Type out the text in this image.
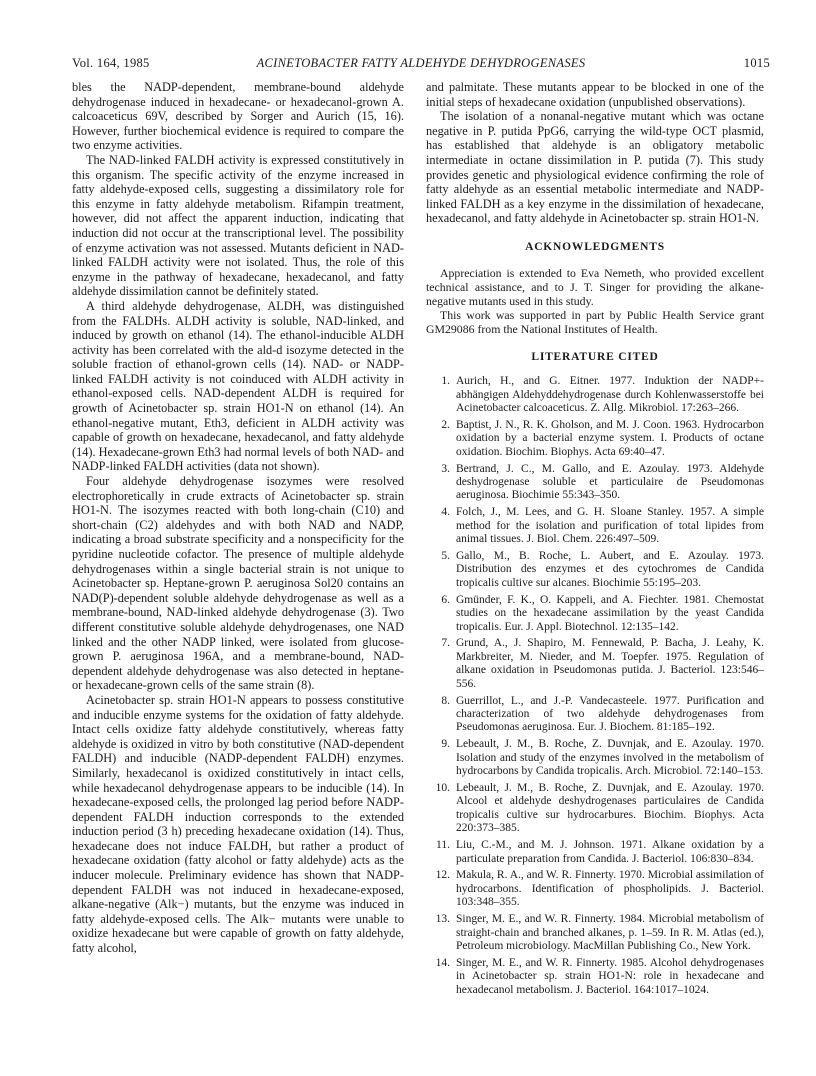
Vol. 164, 1985	ACINETOBACTER FATTY ALDEHYDE DEHYDROGENASES	1015

bles the NADP-dependent, membrane-bound aldehyde dehydrogenase induced in hexadecane- or hexadecanol-grown A. calcoaceticus 69V, described by Sorger and Aurich (15, 16). However, further biochemical evidence is required to compare the two enzyme activities.

The NAD-linked FALDH activity is expressed constitutively in this organism. The specific activity of the enzyme increased in fatty aldehyde-exposed cells, suggesting a dissimilatory role for this enzyme in fatty aldehyde metabolism. Rifampin treatment, however, did not affect the apparent induction, indicating that induction did not occur at the transcriptional level. The possibility of enzyme activation was not assessed. Mutants deficient in NAD-linked FALDH activity were not isolated. Thus, the role of this enzyme in the pathway of hexadecane, hexadecanol, and fatty aldehyde dissimilation cannot be definitely stated.

A third aldehyde dehydrogenase, ALDH, was distinguished from the FALDHs. ALDH activity is soluble, NAD-linked, and induced by growth on ethanol (14). The ethanol-inducible ALDH activity has been correlated with the ald-d isozyme detected in the soluble fraction of ethanol-grown cells (14). NAD- or NADP-linked FALDH activity is not coinduced with ALDH activity in ethanol-exposed cells. NAD-dependent ALDH is required for growth of Acinetobacter sp. strain HO1-N on ethanol (14). An ethanol-negative mutant, Eth3, deficient in ALDH activity was capable of growth on hexadecane, hexadecanol, and fatty aldehyde (14). Hexadecane-grown Eth3 had normal levels of both NAD- and NADP-linked FALDH activities (data not shown).

Four aldehyde dehydrogenase isozymes were resolved electrophoretically in crude extracts of Acinetobacter sp. strain HO1-N. The isozymes reacted with both long-chain (C10) and short-chain (C2) aldehydes and with both NAD and NADP, indicating a broad substrate specificity and a nonspecificity for the pyridine nucleotide cofactor. The presence of multiple aldehyde dehydrogenases within a single bacterial strain is not unique to Acinetobacter sp. Heptane-grown P. aeruginosa Sol20 contains an NAD(P)-dependent soluble aldehyde dehydrogenase as well as a membrane-bound, NAD-linked aldehyde dehydrogenase (3). Two different constitutive soluble aldehyde dehydrogenases, one NAD linked and the other NADP linked, were isolated from glucose-grown P. aeruginosa 196A, and a membrane-bound, NAD-dependent aldehyde dehydrogenase was also detected in heptane- or hexadecane-grown cells of the same strain (8).

Acinetobacter sp. strain HO1-N appears to possess constitutive and inducible enzyme systems for the oxidation of fatty aldehyde. Intact cells oxidize fatty aldehyde constitutively, whereas fatty aldehyde is oxidized in vitro by both constitutive (NAD-dependent FALDH) and inducible (NADP-dependent FALDH) enzymes. Similarly, hexadecanol is oxidized constitutively in intact cells, while hexadecanol dehydrogenase appears to be inducible (14). In hexadecane-exposed cells, the prolonged lag period before NADP-dependent FALDH induction corresponds to the extended induction period (3 h) preceding hexadecane oxidation (14). Thus, hexadecane does not induce FALDH, but rather a product of hexadecane oxidation (fatty alcohol or fatty aldehyde) acts as the inducer molecule. Preliminary evidence has shown that NADP-dependent FALDH was not induced in hexadecane-exposed, alkane-negative (Alk−) mutants, but the enzyme was induced in fatty aldehyde-exposed cells. The Alk− mutants were unable to oxidize hexadecane but were capable of growth on fatty aldehyde, fatty alcohol,

and palmitate. These mutants appear to be blocked in one of the initial steps of hexadecane oxidation (unpublished observations).

The isolation of a nonanal-negative mutant which was octane negative in P. putida PpG6, carrying the wild-type OCT plasmid, has established that aldehyde is an obligatory metabolic intermediate in octane dissimilation in P. putida (7). This study provides genetic and physiological evidence confirming the role of fatty aldehyde as an essential metabolic intermediate and NADP-linked FALDH as a key enzyme in the dissimilation of hexadecane, hexadecanol, and fatty aldehyde in Acinetobacter sp. strain HO1-N.

ACKNOWLEDGMENTS

Appreciation is extended to Eva Nemeth, who provided excellent technical assistance, and to J. T. Singer for providing the alkane-negative mutants used in this study.

This work was supported in part by Public Health Service grant GM29086 from the National Institutes of Health.

LITERATURE CITED
1. Aurich, H., and G. Eitner. 1977. Induktion der NADP+-abhängigen Aldehyddehydrogenase durch Kohlenwasserstoffe bei Acinetobacter calcoaceticus. Z. Allg. Mikrobiol. 17:263–266.
2. Baptist, J. N., R. K. Gholson, and M. J. Coon. 1963. Hydrocarbon oxidation by a bacterial enzyme system. I. Products of octane oxidation. Biochim. Biophys. Acta 69:40–47.
3. Bertrand, J. C., M. Gallo, and E. Azoulay. 1973. Aldehyde deshydrogenase soluble et particulaire de Pseudomonas aeruginosa. Biochimie 55:343–350.
4. Folch, J., M. Lees, and G. H. Sloane Stanley. 1957. A simple method for the isolation and purification of total lipides from animal tissues. J. Biol. Chem. 226:497–509.
5. Gallo, M., B. Roche, L. Aubert, and E. Azoulay. 1973. Distribution des enzymes et des cytochromes de Candida tropicalis cultive sur alcanes. Biochimie 55:195–203.
6. Gmünder, F. K., O. Kappeli, and A. Fiechter. 1981. Chemostat studies on the hexadecane assimilation by the yeast Candida tropicalis. Eur. J. Appl. Biotechnol. 12:135–142.
7. Grund, A., J. Shapiro, M. Fennewald, P. Bacha, J. Leahy, K. Markbreiter, M. Nieder, and M. Toepfer. 1975. Regulation of alkane oxidation in Pseudomonas putida. J. Bacteriol. 123:546–556.
8. Guerrillot, L., and J.-P. Vandecasteele. 1977. Purification and characterization of two aldehyde dehydrogenases from Pseudomonas aeruginosa. Eur. J. Biochem. 81:185–192.
9. Lebeault, J. M., B. Roche, Z. Duvnjak, and E. Azoulay. 1970. Isolation and study of the enzymes involved in the metabolism of hydrocarbons by Candida tropicalis. Arch. Microbiol. 72:140–153.
10. Lebeault, J. M., B. Roche, Z. Duvnjak, and E. Azoulay. 1970. Alcool et aldehyde deshydrogenases particulaires de Candida tropicalis cultive sur hydrocarbures. Biochim. Biophys. Acta 220:373–385.
11. Liu, C.-M., and M. J. Johnson. 1971. Alkane oxidation by a particulate preparation from Candida. J. Bacteriol. 106:830–834.
12. Makula, R. A., and W. R. Finnerty. 1970. Microbial assimilation of hydrocarbons. Identification of phospholipids. J. Bacteriol. 103:348–355.
13. Singer, M. E., and W. R. Finnerty. 1984. Microbial metabolism of straight-chain and branched alkanes, p. 1–59. In R. M. Atlas (ed.), Petroleum microbiology. MacMillan Publishing Co., New York.
14. Singer, M. E., and W. R. Finnerty. 1985. Alcohol dehydrogenases in Acinetobacter sp. strain HO1-N: role in hexadecane and hexadecanol metabolism. J. Bacteriol. 164:1017–1024.
